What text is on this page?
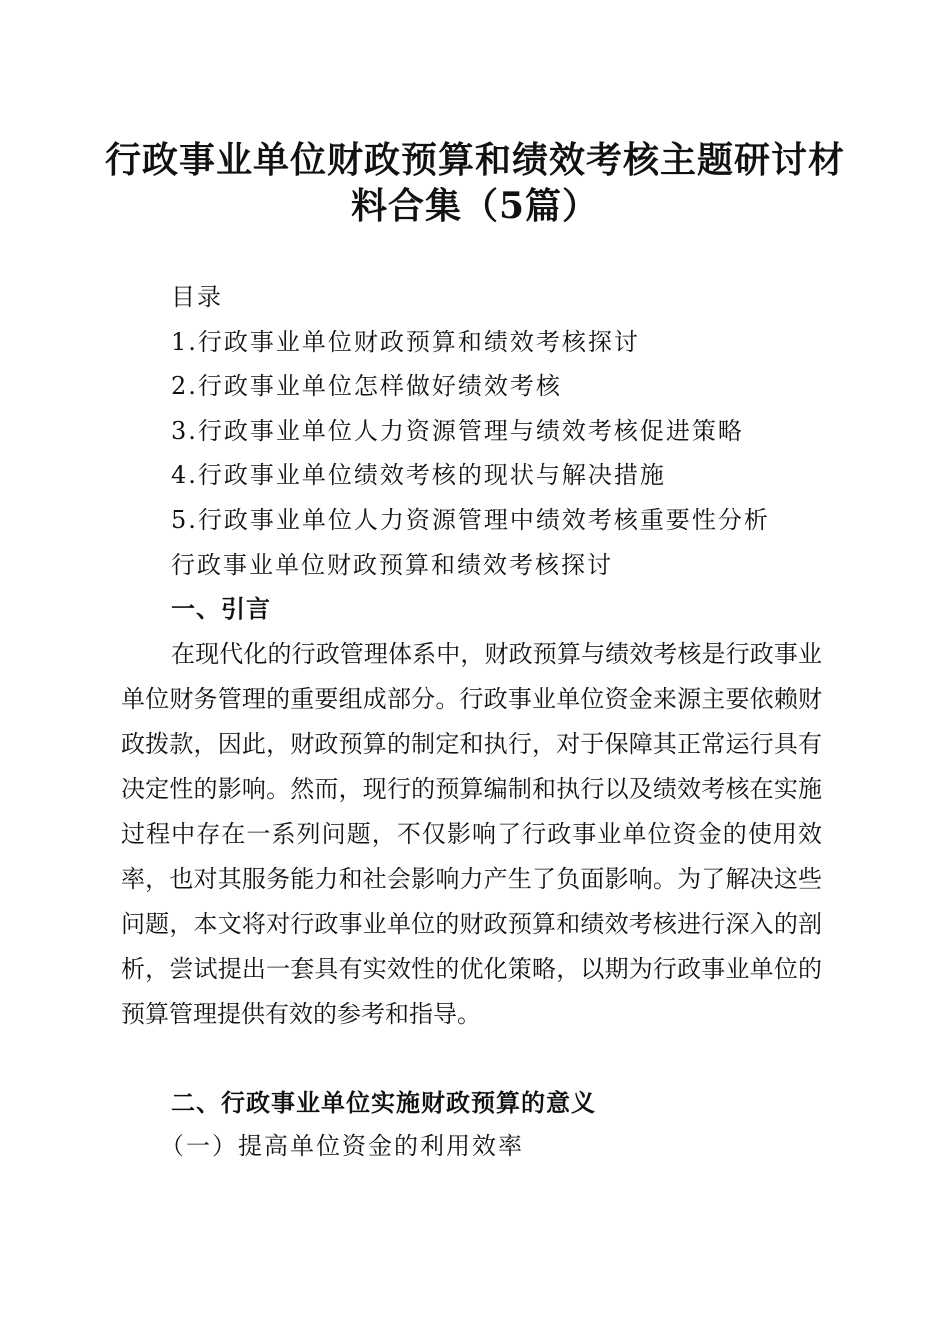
行政事业单位财政预算和绩效考核主题研讨材
料合集（5篇）
目录
1.行政事业单位财政预算和绩效考核探讨
2.行政事业单位怎样做好绩效考核
3.行政事业单位人力资源管理与绩效考核促进策略
4.行政事业单位绩效考核的现状与解决措施
5.行政事业单位人力资源管理中绩效考核重要性分析
行政事业单位财政预算和绩效考核探讨
一、引言
在现代化的行政管理体系中，财政预算与绩效考核是行政事业单位财务管理的重要组成部分。行政事业单位资金来源主要依赖财政拨款，因此，财政预算的制定和执行，对于保障其正常运行具有决定性的影响。然而，现行的预算编制和执行以及绩效考核在实施过程中存在一系列问题，不仅影响了行政事业单位资金的使用效率，也对其服务能力和社会影响力产生了负面影响。为了解决这些问题，本文将对行政事业单位的财政预算和绩效考核进行深入的剖析，尝试提出一套具有实效性的优化策略，以期为行政事业单位的预算管理提供有效的参考和指导。
二、行政事业单位实施财政预算的意义
（一）提高单位资金的利用效率
